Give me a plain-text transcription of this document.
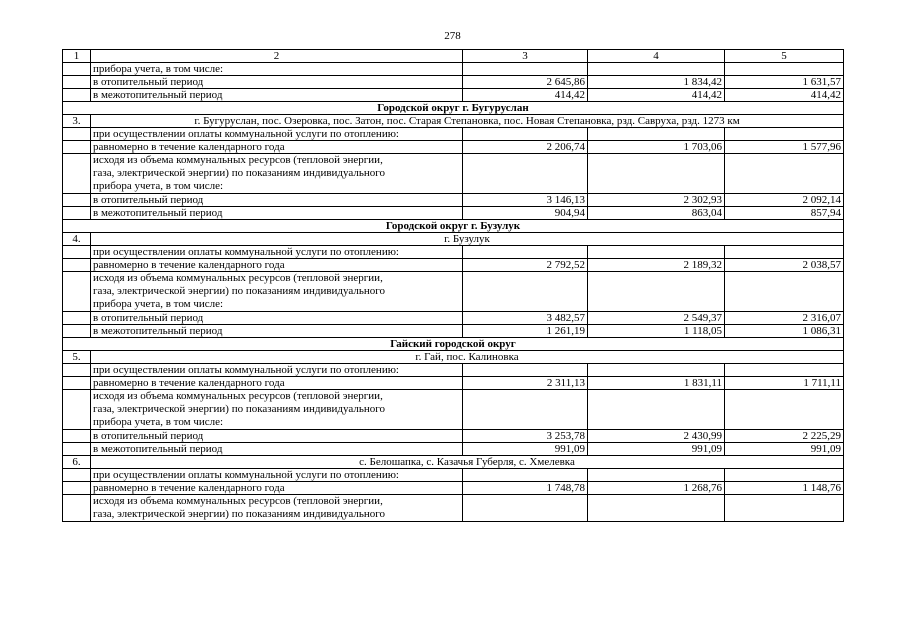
278
1	2	3	4	5
	прибора учета, в том числе:			
	в отопительный период	2 645,86	1 834,42	1 631,57
	в межотопительный период	414,42	414,42	414,42
Городской округ г. Бугуруслан				
3.	г. Бугуруслан, пос. Озеровка, пос. Затон, пос. Старая Степановка, пос. Новая Степановка, рзд. Савруха, рзд. 1273 км			
	при осуществлении оплаты коммунальной услуги по отоплению:			
	равномерно в течение календарного года	2 206,74	1 703,06	1 577,96

	исходя из объема коммунальных ресурсов (тепловой энергии,
газа, электрической энергии) по показаниям индивидуального
прибора учета, в том числе:			

	в отопительный период	3 146,13	2 302,93	2 092,14
	в межотопительный период	904,94	863,04	857,94
Городской округ г. Бузулук				
4.	г. Бузулук			
	при осуществлении оплаты коммунальной услуги по отоплению:			
	равномерно в течение календарного года	2 792,52	2 189,32	2 038,57

	исходя из объема коммунальных ресурсов (тепловой энергии,
газа, электрической энергии) по показаниям индивидуального
прибора учета, в том числе:			

	в отопительный период	3 482,57	2 549,37	2 316,07
	в межотопительный период	1 261,19	1 118,05	1 086,31
Гайский городской округ				
5.	г. Гай, пос. Калиновка			
	при осуществлении оплаты коммунальной услуги по отоплению:			
	равномерно в течение календарного года	2 311,13	1 831,11	1 711,11

	исходя из объема коммунальных ресурсов (тепловой энергии,
газа, электрической энергии) по показаниям индивидуального
прибора учета, в том числе:			

	в отопительный период	3 253,78	2 430,99	2 225,29
	в межотопительный период	991,09	991,09	991,09
6.	с. Белошапка, с. Казачья Губерля, с. Хмелевка			
	при осуществлении оплаты коммунальной услуги по отоплению:			
	равномерно в течение календарного года	1 748,78	1 268,76	1 148,76

	исходя из объема коммунальных ресурсов (тепловой энергии,
газа, электрической энергии) по показаниям индивидуального			
